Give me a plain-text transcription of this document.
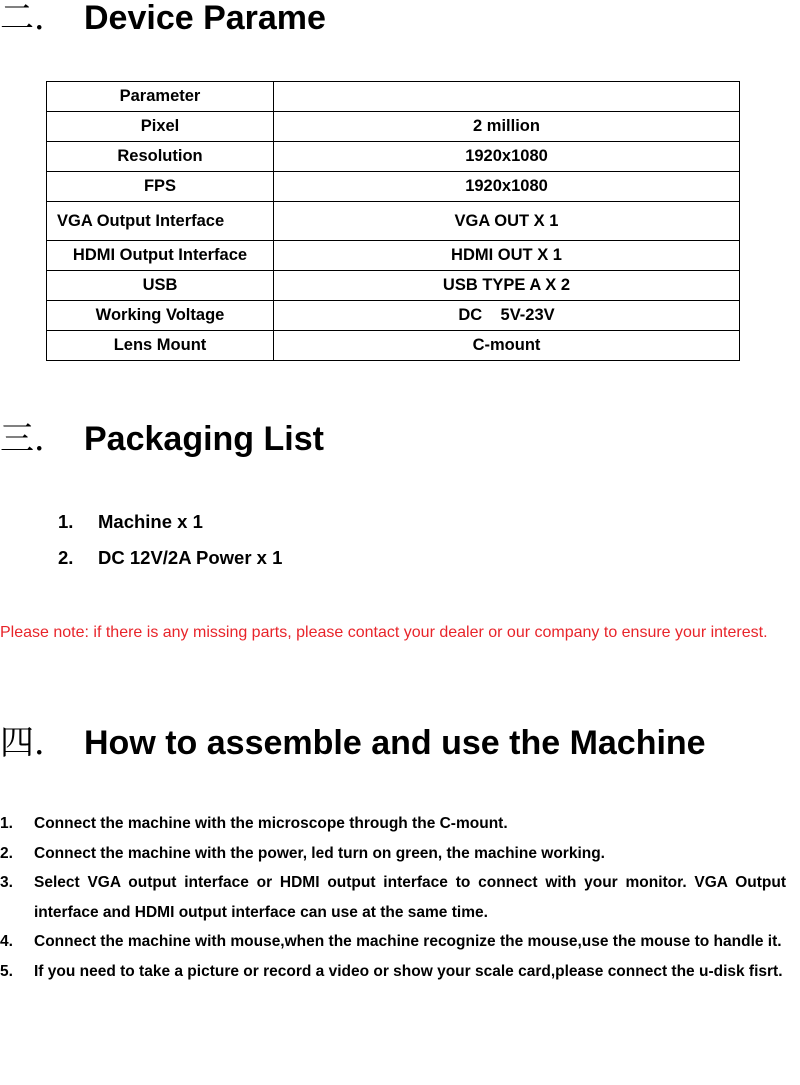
二． Device Parame
Parameter	
Pixel	2 million
Resolution	1920x1080
FPS	1920x1080
VGA Output Interface	VGA OUT X 1
HDMI Output Interface	HDMI OUT X 1
USB	USB TYPE A X 2
Working Voltage	DC    5V-23V
Lens Mount	C-mount
三． Packaging List

1. Machine x 1

2. DC 12V/2A Power x 1

Please note: if there is any missing parts, please contact your dealer or our company to ensure your interest.

四． How to assemble and use the Machine
1. Connect the machine with the microscope through the C-mount.
2. Connect the machine with the power, led turn on green, the machine working.
3. Select VGA output interface or HDMI output interface to connect with your monitor. VGA Output interface and HDMI output interface can use at the same time.
4. Connect the machine with mouse,when the machine recognize the mouse,use the mouse to handle it.
5. If you need to take a picture or record a video or show your scale card,please connect the u-disk fisrt.
